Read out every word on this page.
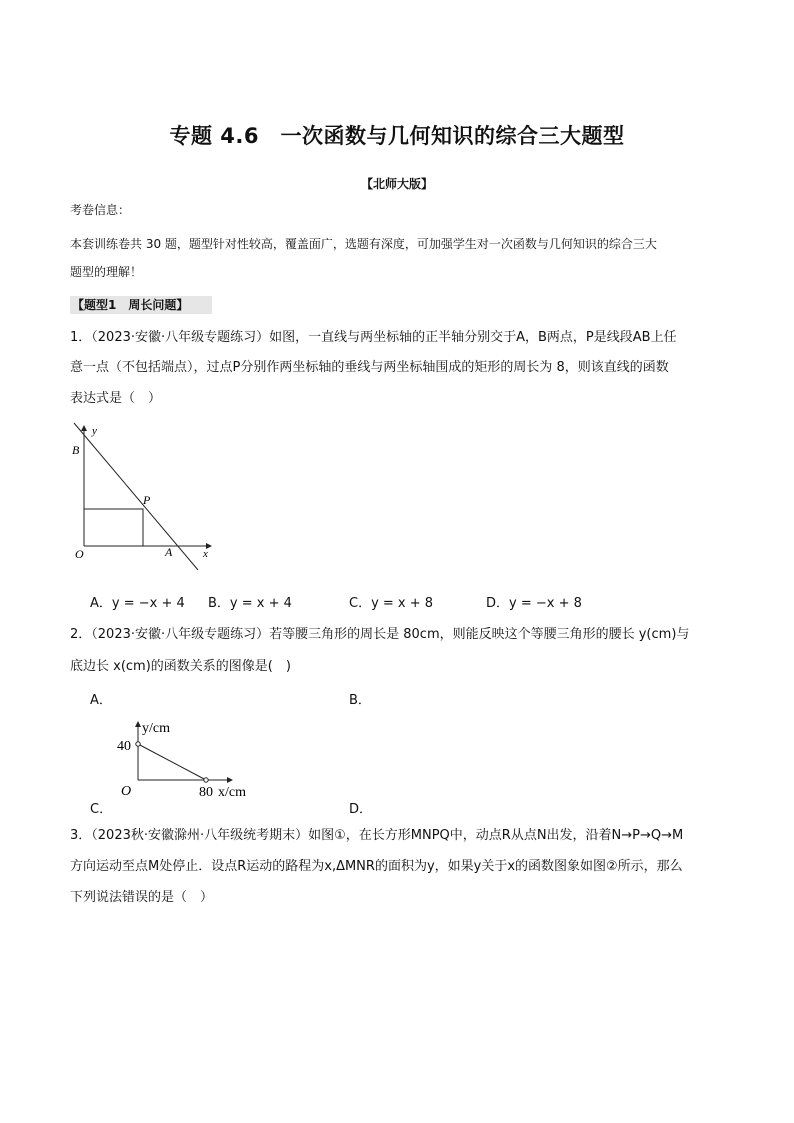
专题 4.6　一次函数与几何知识的综合三大题型
【北师大版】
考卷信息：
本套训练卷共 30 题，题型针对性较高，覆盖面广，选题有深度，可加强学生对一次函数与几何知识的综合三大
题型的理解！
【题型1　周长问题】
1．（2023·安徽·八年级专题练习）如图，一直线与两坐标轴的正半轴分别交于A，B两点，P是线段AB上任
意一点（不包括端点），过点P分别作两坐标轴的垂线与两坐标轴围成的矩形的周长为 8，则该直线的函数
表达式是（　）
y
B
P
O	A	x
A．y = −x + 4 B．y = x + 4	C．y = x + 8	D．y = −x + 8
2．（2023·安徽·八年级专题练习）若等腰三角形的周长是 80cm，则能反映这个等腰三角形的腰长 y(cm)与
底边长 x(cm)的函数关系的图像是(　)
A．	B．
y/cm
40
O	80 x/cm
C．	D．
3．（2023秋·安徽滁州·八年级统考期末）如图①，在长方形MNPQ中，动点R从点N出发，沿着N→P→Q→M
方向运动至点M处停止．设点R运动的路程为x,ΔMNR的面积为y，如果y关于x的函数图象如图②所示，那么
下列说法错误的是（　）
